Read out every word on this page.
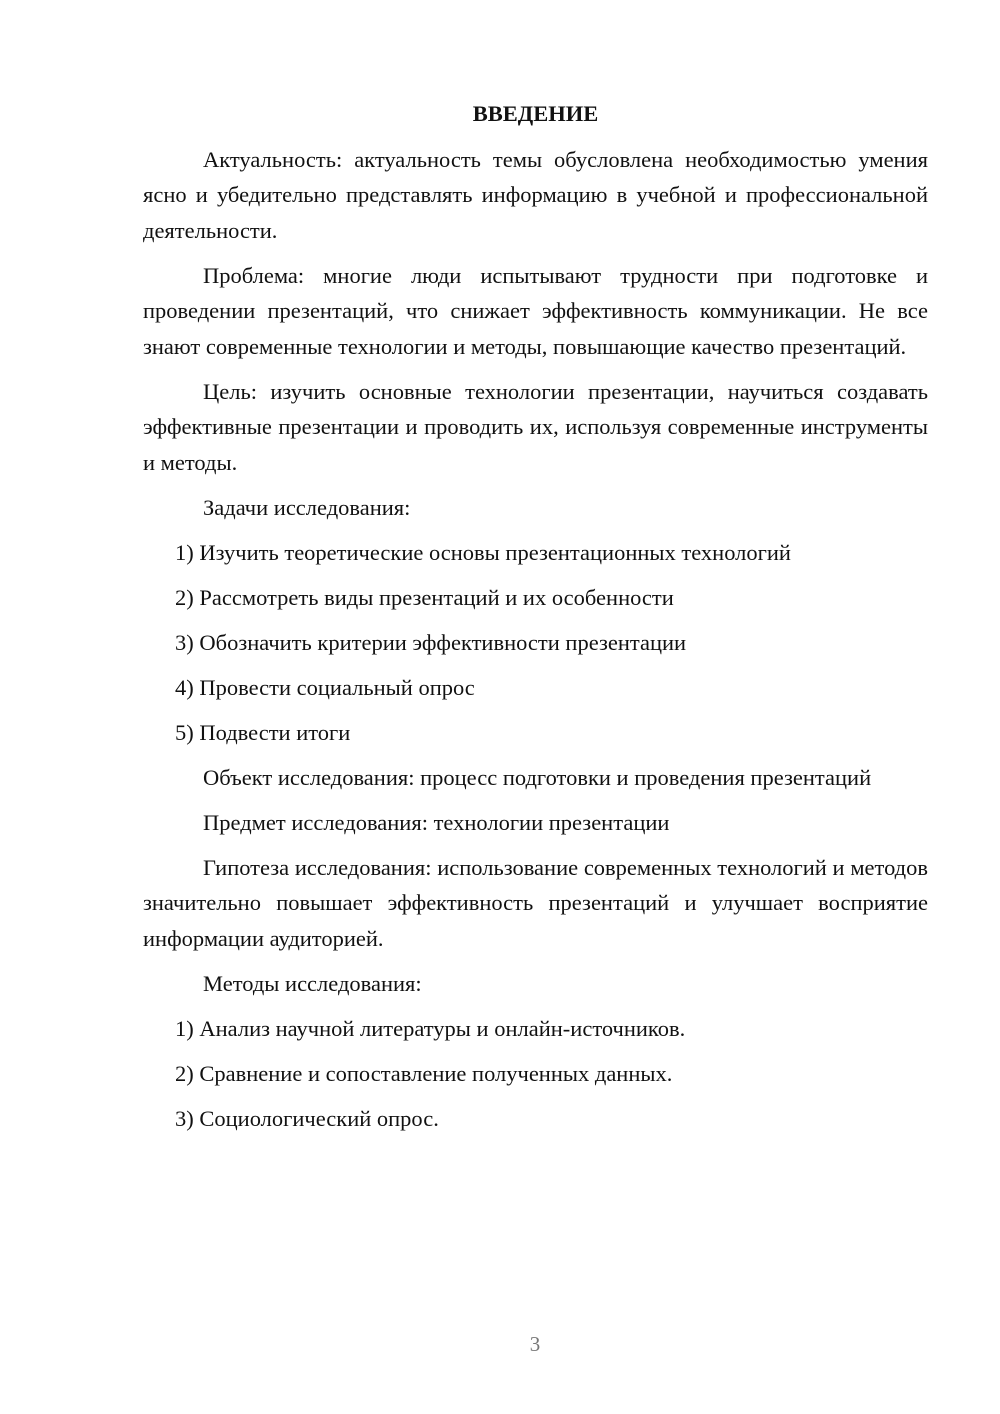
ВВЕДЕНИЕ

Актуальность: актуальность темы обусловлена необходимостью умения ясно и убедительно представлять информацию в учебной и профессиональной деятельности.

Проблема: многие люди испытывают трудности при подготовке и проведении презентаций, что снижает эффективность коммуникации. Не все знают современные технологии и методы, повышающие качество презентаций.

Цель: изучить основные технологии презентации, научиться создавать эффективные презентации и проводить их, используя современные инструменты и методы.

Задачи исследования:

1) Изучить теоретические основы презентационных технологий
2) Рассмотреть виды презентаций и их особенности
3) Обозначить критерии эффективности презентации
4) Провести социальный опрос
5) Подвести итоги

Объект исследования: процесс подготовки и проведения презентаций

Предмет исследования: технологии презентации

Гипотеза исследования: использование современных технологий и методов значительно повышает эффективность презентаций и улучшает восприятие информации аудиторией.

Методы исследования:

1) Анализ научной литературы и онлайн-источников.
2) Сравнение и сопоставление полученных данных.
3) Социологический опрос.
3
